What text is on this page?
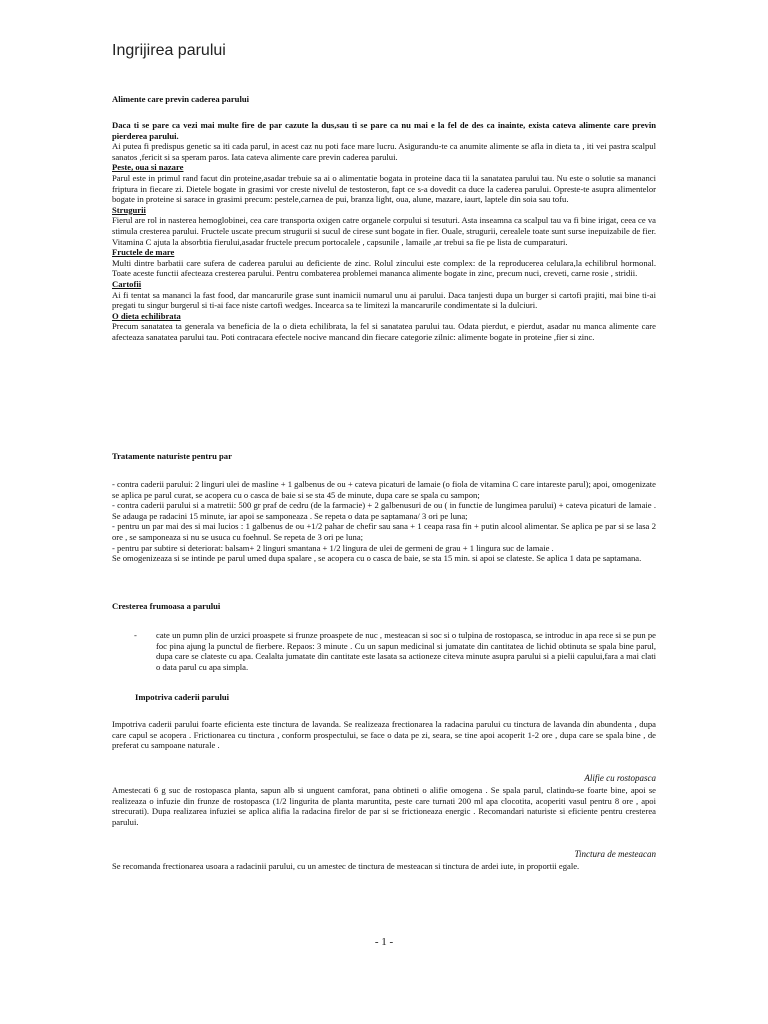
Ingrijirea parului
Alimente care previn caderea parului

Daca ti se pare ca vezi mai multe fire de par cazute la dus,sau ti se pare ca nu mai e la fel de des ca inainte, exista cateva alimente care previn pierderea parului.

Ai putea fi predispus genetic sa iti cada parul, in acest caz nu poti face mare lucru. Asigurandu-te ca anumite alimente se afla in dieta ta , iti vei pastra scalpul sanatos ,fericit si sa speram paros. Iata cateva alimente care previn caderea parului.

Peste, oua si nazare

Parul este in primul rand facut din proteine,asadar trebuie sa ai o alimentatie bogata in proteine daca tii la sanatatea parului tau. Nu este o solutie sa mananci friptura in fiecare zi. Dietele bogate in grasimi vor creste nivelul de testosteron, fapt ce s-a dovedit ca duce la caderea parului. Opreste-te asupra alimentelor bogate in proteine si sarace in grasimi precum: pestele,carnea de pui, branza light, oua, alune, mazare, iaurt, laptele din soia sau tofu.

Strugurii

Fierul are rol in nasterea hemoglobinei, cea care transporta oxigen catre organele corpului si tesuturi. Asta inseamna ca scalpul tau va fi bine irigat, ceea ce va stimula cresterea parului. Fructele uscate precum strugurii si sucul de cirese sunt bogate in fier. Ouale, strugurii, cerealele toate sunt surse inepuizabile de fier. Vitamina C ajuta la absorbtia fierului,asadar fructele precum portocalele , capsunile , lamaile ,ar trebui sa fie pe lista de cumparaturi.

Fructele de mare

Multi dintre barbatii care sufera de caderea parului au deficiente de zinc. Rolul zincului este complex: de la reproducerea celulara,la echilibrul hormonal. Toate aceste functii afecteaza cresterea parului. Pentru combaterea problemei mananca alimente bogate in zinc, precum nuci, creveti, carne rosie , stridii.

Cartofii

Ai fi tentat sa mananci la fast food, dar mancarurile grase sunt inamicii numarul unu ai parului. Daca tanjesti dupa un burger si cartofi prajiti, mai bine ti-ai pregati tu singur burgerul si ti-ai face niste cartofi wedges. Incearca sa te limitezi la mancarurile condimentate si la dulciuri.

O dieta echilibrata

Precum sanatatea ta generala va beneficia de la o dieta echilibrata, la fel si sanatatea parului tau. Odata pierdut, e pierdut, asadar nu manca alimente care afecteaza sanatatea parului tau. Poti contracara efectele nocive mancand din fiecare categorie zilnic: alimente bogate in proteine ,fier si zinc.

Tratamente naturiste pentru par

- contra caderii parului: 2 linguri ulei de masline + 1 galbenus de ou + cateva picaturi de lamaie (o fiola de vitamina C care intareste parul); apoi, omogenizate se aplica pe parul curat, se acopera cu o casca de baie si se sta 45 de minute, dupa care se spala cu sampon;

- contra caderii parului si a matretii: 500 gr praf de cedru (de la farmacie) + 2 galbenusuri de ou ( in functie de lungimea parului) + cateva picaturi de lamaie . Se adauga pe radacini 15 minute, iar apoi se samponeaza . Se repeta o data pe saptamana/ 3 ori pe luna;

- pentru un par mai des si mai lucios : 1 galbenus de ou +1/2 pahar de chefir sau sana + 1 ceapa rasa fin + putin alcool alimentar. Se aplica pe par si se lasa 2 ore , se samponeaza si nu se usuca cu foehnul. Se repeta de 3 ori pe luna;

- pentru par subtire si deteriorat: balsam+ 2 linguri smantana + 1/2 lingura de ulei de germeni de grau + 1 lingura suc de lamaie .

Se omogenizeaza si se intinde pe parul umed dupa spalare , se acopera cu o casca de baie, se sta 15 min. si apoi se clateste. Se aplica 1 data pe saptamana.

Cresterea frumoasa a parului
- cate un pumn plin de urzici proaspete si frunze proaspete de nuc , mesteacan si soc si o tulpina de rostopasca, se introduc in apa rece si se pun pe foc pina ajung la punctul de fierbere. Repaos: 3 minute . Cu un sapun medicinal si jumatate din cantitatea de lichid obtinuta se spala bine parul, dupa care se clateste cu apa. Cealalta jumatate din cantitate este lasata sa actioneze citeva minute asupra parului si a pielii capului,fara a mai clati o data parul cu apa simpla.

Impotriva caderii parului

Impotriva caderii parului foarte eficienta este tinctura de lavanda. Se realizeaza frectionarea la radacina parului cu tinctura de lavanda din abundenta , dupa care capul se acopera . Frictionarea cu tinctura , conform prospectului, se face o data pe zi, seara, se tine apoi acoperit 1-2 ore , dupa care se spala bine , de preferat cu sampoane naturale .

Alifie cu rostopasca

Amestecati 6 g suc de rostopasca planta, sapun alb si unguent camforat, pana obtineti o alifie omogena . Se spala parul, clatindu-se foarte bine, apoi se realizeaza o infuzie din frunze de rostopasca (1/2 lingurita de planta maruntita, peste care turnati 200 ml apa clocotita, acoperiti vasul pentru 8 ore , apoi strecurati). Dupa realizarea infuziei se aplica alifia la radacina firelor de par si se frictioneaza energic . Recomandari naturiste si eficiente pentru cresterea parului.

Tinctura de mesteacan

Se recomanda frectionarea usoara a radacinii parului, cu un amestec de tinctura de mesteacan si tinctura de ardei iute, in proportii egale.

- 1 -
